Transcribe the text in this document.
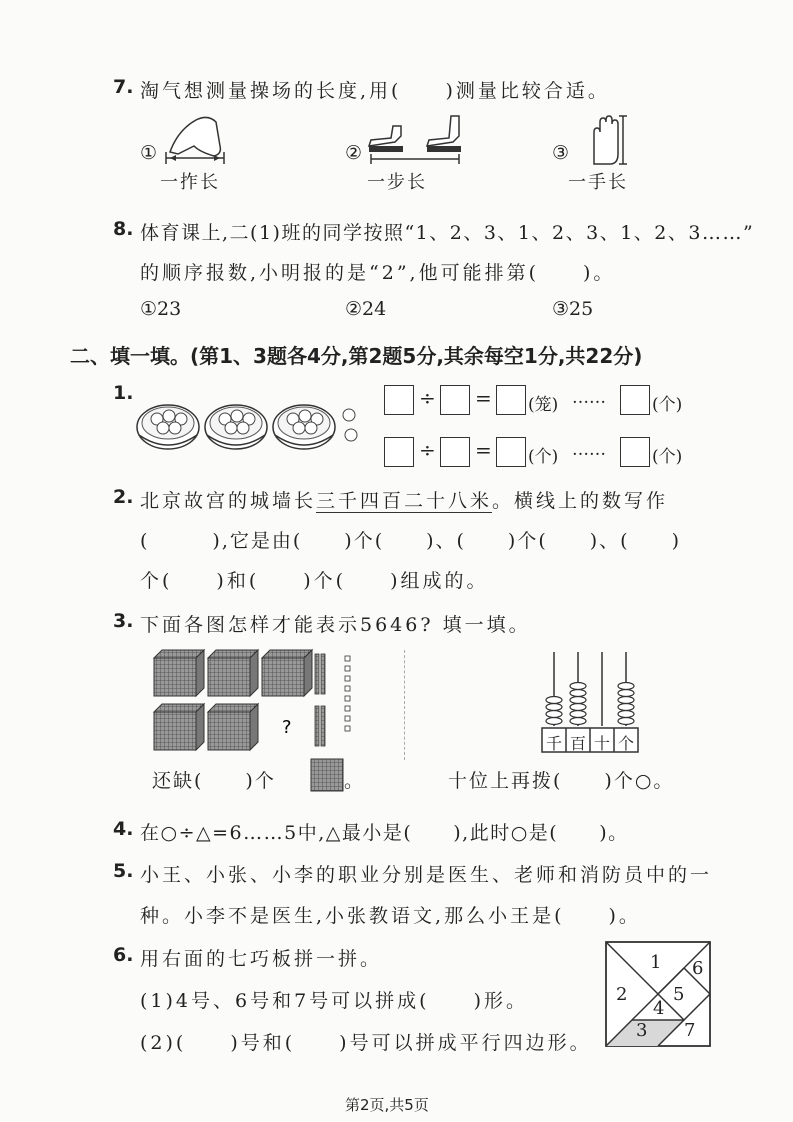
7. 淘气想测量操场的长度,用(　　)测量比较合适。
①
一拃长
②
一步长
③
一手长
8. 体育课上,二(1)班的同学按照“1、2、3、1、2、3、1、2、3……”
的顺序报数,小明报的是“2”,他可能排第(　　)。
①23	②24	③25
二、填一填。(第1、3题各4分,第2题5分,其余每空1分,共22分)
1.	÷ = (笼) ……	(个)
÷ = (个) ……	(个)
2. 北京故宫的城墙长三千四百二十八米。横线上的数写作
(　　　),它是由(　　)个(　　)、(　　)个(　　)、(　　)
个(　　)和(　　)个(　　)组成的。
3. 下面各图怎样才能表示5646? 填一填。
?
千 百 十 个
还缺(　　)个	。	十位上再拨(　　)个○。
4. 在○÷△=6……5中,△最小是(　　),此时○是(　　)。
5. 小王、小张、小李的职业分别是医生、老师和消防员中的一
种。小李不是医生,小张教语文,那么小王是(　　)。
6. 用右面的七巧板拼一拼。
(1)4号、6号和7号可以拼成(　　)形。
(2)(　　)号和(　　)号可以拼成平行四边形。
1
2
3
4
5
6
7
第2页,共5页
